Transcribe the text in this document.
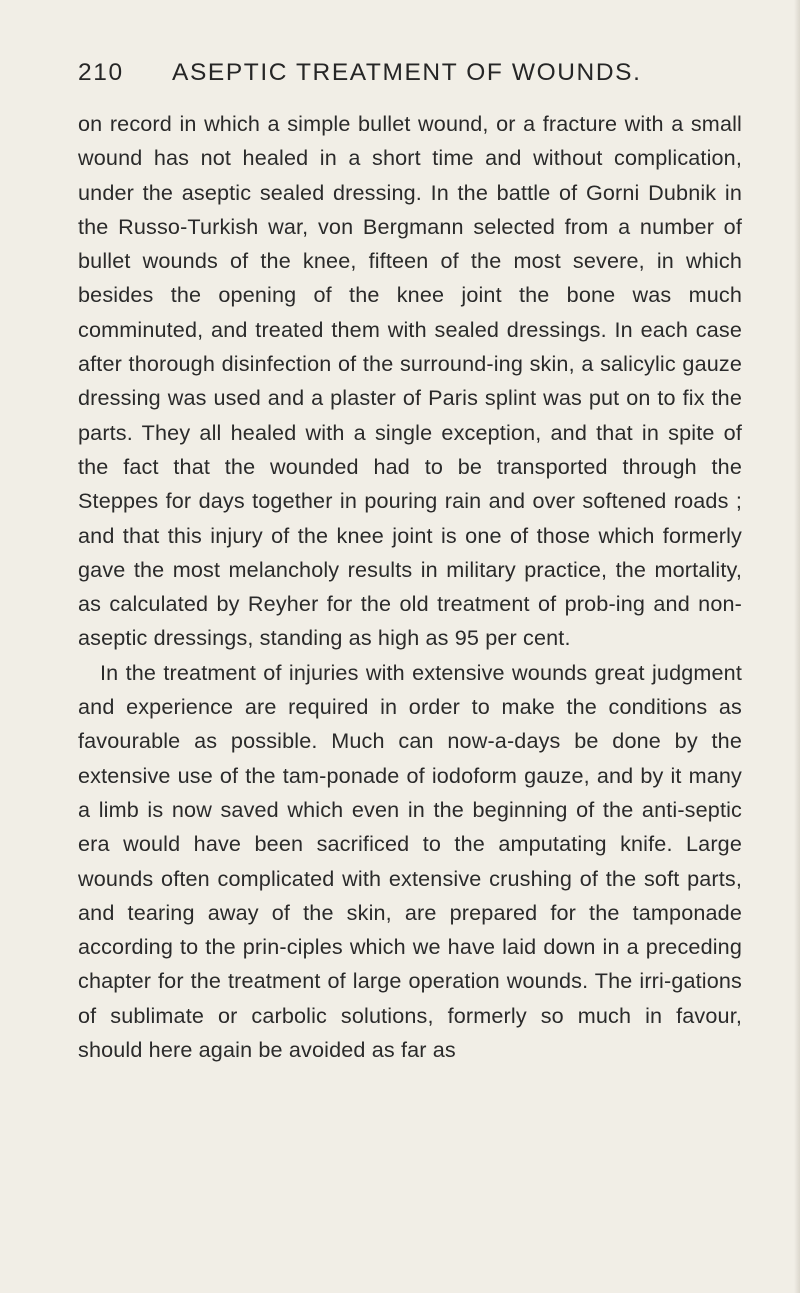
210	ASEPTIC TREATMENT OF WOUNDS.

on record in which a simple bullet wound, or a fracture with a small wound has not healed in a short time and without complication, under the aseptic sealed dressing. In the battle of Gorni Dubnik in the Russo-Turkish war, von Bergmann selected from a number of bullet wounds of the knee, fifteen of the most severe, in which besides the opening of the knee joint the bone was much comminuted, and treated them with sealed dressings. In each case after thorough disinfection of the surround-ing skin, a salicylic gauze dressing was used and a plaster of Paris splint was put on to fix the parts. They all healed with a single exception, and that in spite of the fact that the wounded had to be transported through the Steppes for days together in pouring rain and over softened roads ; and that this injury of the knee joint is one of those which formerly gave the most melancholy results in military practice, the mortality, as calculated by Reyher for the old treatment of prob-ing and non-aseptic dressings, standing as high as 95 per cent.

In the treatment of injuries with extensive wounds great judgment and experience are required in order to make the conditions as favourable as possible. Much can now-a-days be done by the extensive use of the tam-ponade of iodoform gauze, and by it many a limb is now saved which even in the beginning of the anti-septic era would have been sacrificed to the amputating knife. Large wounds often complicated with extensive crushing of the soft parts, and tearing away of the skin, are prepared for the tamponade according to the prin-ciples which we have laid down in a preceding chapter for the treatment of large operation wounds. The irri-gations of sublimate or carbolic solutions, formerly so much in favour, should here again be avoided as far as
